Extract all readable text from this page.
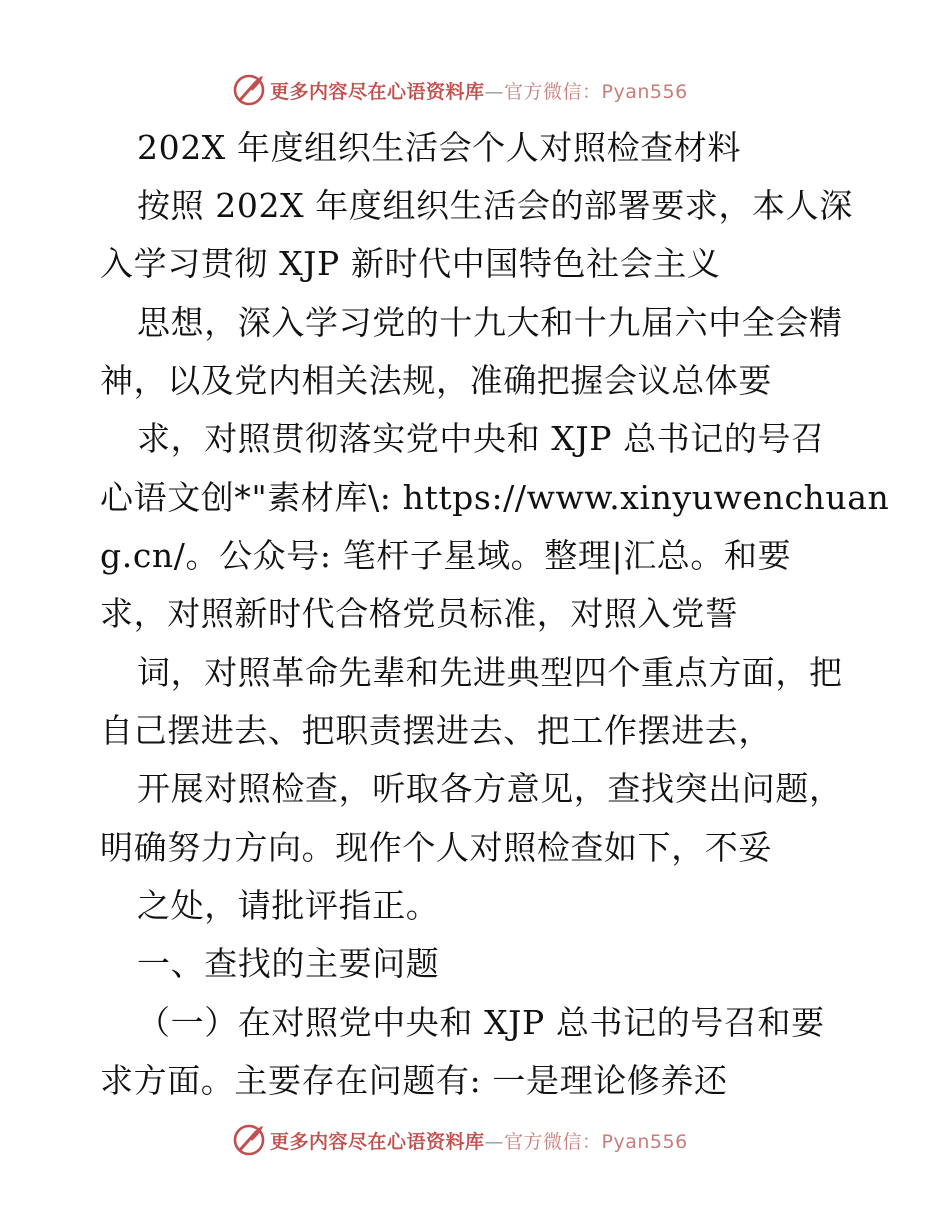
更多内容尽在心语资料库—官方微信：Pyan556
202X 年度组织生活会个人对照检查材料
按照 202X 年度组织生活会的部署要求，本人深
入学习贯彻 XJP 新时代中国特色社会主义
思想，深入学习党的十九大和十九届六中全会精
神，以及党内相关法规，准确把握会议总体要
求，对照贯彻落实党中央和 XJP 总书记的号召
心语文创*"素材库\: https://www.xinyuwenchuan
g.cn/。公众号: 笔杆子星域。整理|汇总。和要
求，对照新时代合格党员标准，对照入党誓
词，对照革命先辈和先进典型四个重点方面，把
自己摆进去、把职责摆进去、把工作摆进去，
开展对照检查，听取各方意见，查找突出问题，
明确努力方向。现作个人对照检查如下，不妥
之处，请批评指正。
一、查找的主要问题
（一）在对照党中央和 XJP 总书记的号召和要
求方面。主要存在问题有: 一是理论修养还
更多内容尽在心语资料库—官方微信：Pyan556
